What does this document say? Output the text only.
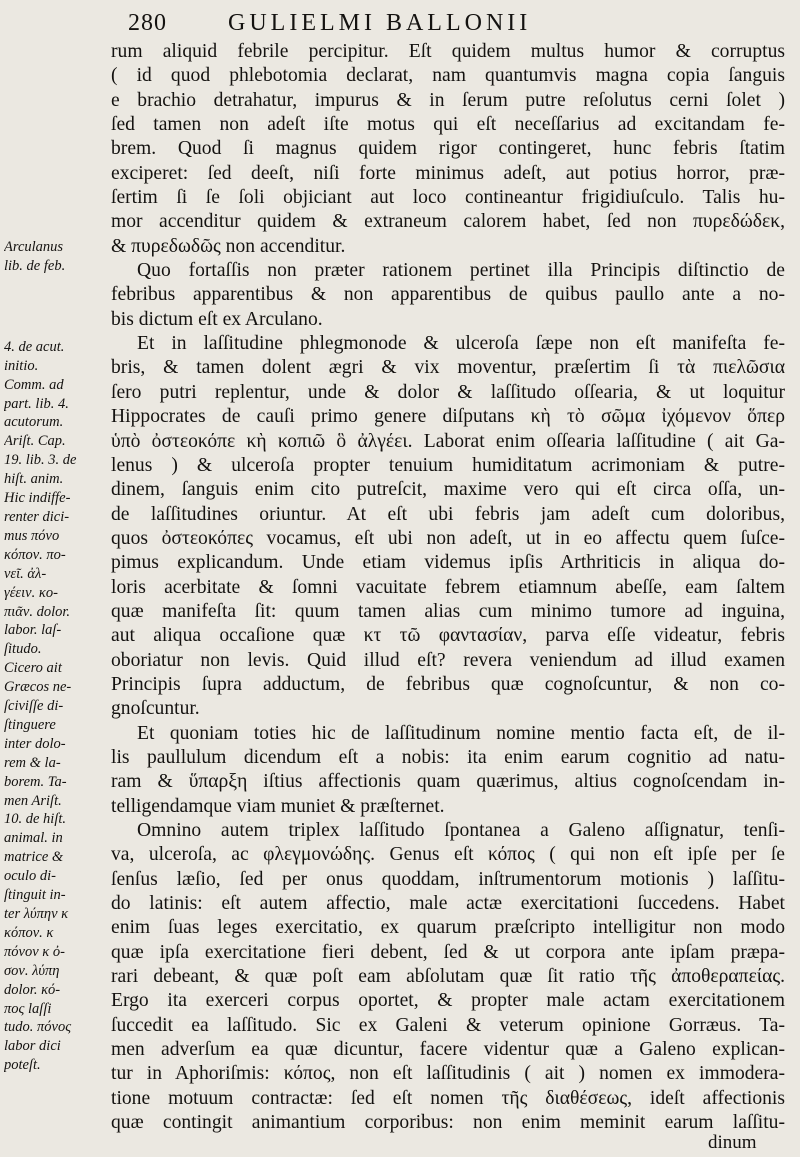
280	GULIELMI BALLONII
rum aliquid febrile percipitur. Eſt quidem multus humor & corruptus
( id quod phlebotomia declarat, nam quantumvis magna copia ſanguis
e brachio detrahatur, impurus & in ſerum putre reſolutus cerni ſolet )
ſed tamen non adeſt iſte motus qui eſt neceſſarius ad excitandam fe-
brem. Quod ſi magnus quidem rigor contingeret, hunc febris ſtatim
exciperet: ſed deeſt, niſi forte minimus adeſt, aut potius horror, præ-
ſertim ſi ſe ſoli objiciant aut loco contineantur frigidiuſculo. Talis hu-
mor accenditur quidem & extraneum calorem habet, ſed non πυρεδώδεκ,
& πυρεδωδῶς non accenditur.
Quo fortaſſis non præter rationem pertinet illa Principis diſtinctio de
febribus apparentibus & non apparentibus de quibus paullo ante a no-
bis dictum eſt ex Arculano.
Et in laſſitudine phlegmonode & ulceroſa ſæpe non eſt manifeſta fe-
bris, & tamen dolent ægri & vix moventur, præſertim ſi τὰ πιελῶσια
ſero putri replentur, unde & dolor & laſſitudo oſſearia, & ut loquitur
Hippocrates de cauſi primo genere diſputans κὴ τὸ σῶμα ἰχόμενον ὅπερ
ὑπὸ ὀστεοκόπε κὴ κοπιῶ ὃ ἀλγέει. Laborat enim oſſearia laſſitudine ( ait Ga-
lenus ) & ulceroſa propter tenuium humiditatum acrimoniam & putre-
dinem, ſanguis enim cito putreſcit, maxime vero qui eſt circa oſſa, un-
de laſſitudines oriuntur. At eſt ubi febris jam adeſt cum doloribus,
quos ὀστεοκόπες vocamus, eſt ubi non adeſt, ut in eo affectu quem ſuſce-
pimus explicandum. Unde etiam videmus ipſis Arthriticis in aliqua do-
loris acerbitate & ſomni vacuitate febrem etiamnum abeſſe, eam ſaltem
quæ manifeſta ſit: quum tamen alias cum minimo tumore ad inguina,
aut aliqua occaſione quæ κτ τῶ φαντασίαν, parva eſſe videatur, febris
oboriatur non levis. Quid illud eſt? revera veniendum ad illud examen
Principis ſupra adductum, de febribus quæ cognoſcuntur, & non co-
gnoſcuntur.
Et quoniam toties hic de laſſitudinum nomine mentio facta eſt, de il-
lis paullulum dicendum eſt a nobis: ita enim earum cognitio ad natu-
ram & ὕπαρξη iſtius affectionis quam quærimus, altius cognoſcendam in-
telligendamque viam muniet & præſternet.
Omnino autem triplex laſſitudo ſpontanea a Galeno aſſignatur, tenſi-
va, ulceroſa, ac φλεγμονώδης. Genus eſt κόπος ( qui non eſt ipſe per ſe
ſenſus læſio, ſed per onus quoddam, inſtrumentorum motionis ) laſſitu-
do latinis: eſt autem affectio, male actæ exercitationi ſuccedens. Habet
enim ſuas leges exercitatio, ex quarum præſcripto intelligitur non modo
quæ ipſa exercitatione fieri debent, ſed & ut corpora ante ipſam præpa-
rari debeant, & quæ poſt eam abſolutam quæ ſit ratio τῆς ἀποθεραπείας.
Ergo ita exerceri corpus oportet, & propter male actam exercitationem
ſuccedit ea laſſitudo. Sic ex Galeni & veterum opinione Gorræus. Ta-
men adverſum ea quæ dicuntur, facere videntur quæ a Galeno explican-
tur in Aphoriſmis: κόπος, non eſt laſſitudinis ( ait ) nomen ex immodera-
tione motuum contractæ: ſed eſt nomen τῆς διαθέσεως, ideſt affectionis
quæ contingit animantium corporibus: non enim meminit earum laſſitu-
Arculanus
lib. de feb.
4. de acut.
initio.
Comm. ad
part. lib. 4.
acutorum.
Ariſt. Cap.
19. lib. 3. de
hiſt. anim.
Hic indiffe-
renter dici-
mus πόνο
κόπον. πο-
νεῖ. ἀλ-
γέειν. κο-
πιᾶν. dolor.
labor. laſ-
ſitudo.
Cicero ait
Græcos ne-
ſciviſſe di-
ſtinguere
inter dolo-
rem & la-
borem. Ta-
men Ariſt.
10. de hiſt.
animal. in
matrice &
oculo di-
ſtinguit in-
ter λύπην κ
κόπον. κ
πόνον κ ὀ-
σον. λύπη
dolor. κό-
πος laſſi
tudo. πόνος
labor dici
poteſt.
dinum
